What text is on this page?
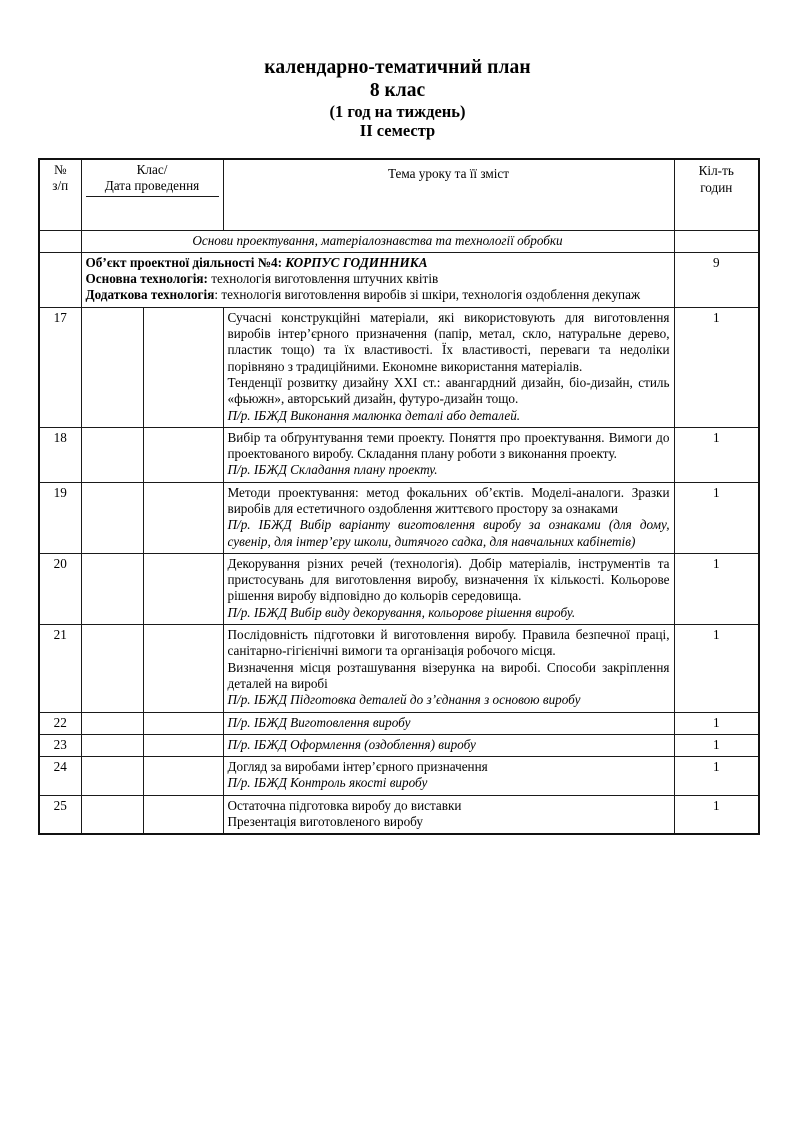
календарно-тематичний план
8 клас
(1 год на тиждень)
II семестр
№
з/п	Клас/
Дата проведення		Тема уроку та її зміст	Кіл-ть
годин
	Основи проектування, матеріалознавства та технології обробки			

	Об’єкт проектної діяльності №4: КОРПУС ГОДИННИКА

Основна технологія: технологія виготовлення штучних квітів

Додаткова технологія: технологія виготовлення виробів зі шкіри, технологія оздоблення декупаж			9
17			Сучасні конструкційні матеріали, які використовують для виготовлення виробів інтер’єрного призначення (папір, метал, скло, натуральне дерево, пластик тощо) та їх властивості. Їх властивості, переваги та недоліки порівняно з традиційними. Економне використання матеріалів.

Тенденції розвитку дизайну XXI ст.: авангардний дизайн, біо-дизайн, стиль «фьюжн», авторський дизайн, футуро-дизайн тощо.

П/р. ІБЖД Виконання малюнка деталі або деталей.	1
18			Вибір та обґрунтування теми проекту. Поняття про проектування. Вимоги до проектованого виробу. Складання плану роботи з виконання проекту.

П/р. ІБЖД Складання плану проекту.	1
19			Методи проектування: метод фокальних об’єктів. Моделі-аналоги. Зразки виробів для естетичного оздоблення життєвого простору за ознаками

П/р. ІБЖД Вибір варіанту виготовлення виробу за ознаками (для дому, сувенір, для інтер’єру школи, дитячого садка, для навчальних кабінетів)	1
20			Декорування різних речей (технологія). Добір матеріалів, інструментів та пристосувань для виготовлення виробу, визначення їх кількості. Кольорове рішення виробу відповідно до кольорів середовища.

П/р. ІБЖД Вибір виду декорування, кольорове рішення виробу.	1
21			Послідовність підготовки й виготовлення виробу. Правила безпечної праці, санітарно-гігієнічні вимоги та організація робочого місця.

Визначення місця розташування візерунка на виробі. Способи закріплення деталей на виробі

П/р. ІБЖД Підготовка деталей до з’єднання з основою виробу	1
22			П/р. ІБЖД Виготовлення виробу	1
23			П/р. ІБЖД Оформлення (оздоблення) виробу	1
24			Догляд за виробами інтер’єрного призначення

П/р. ІБЖД Контроль якості виробу	1
25			Остаточна підготовка виробу до виставки

Презентація виготовленого виробу	1
